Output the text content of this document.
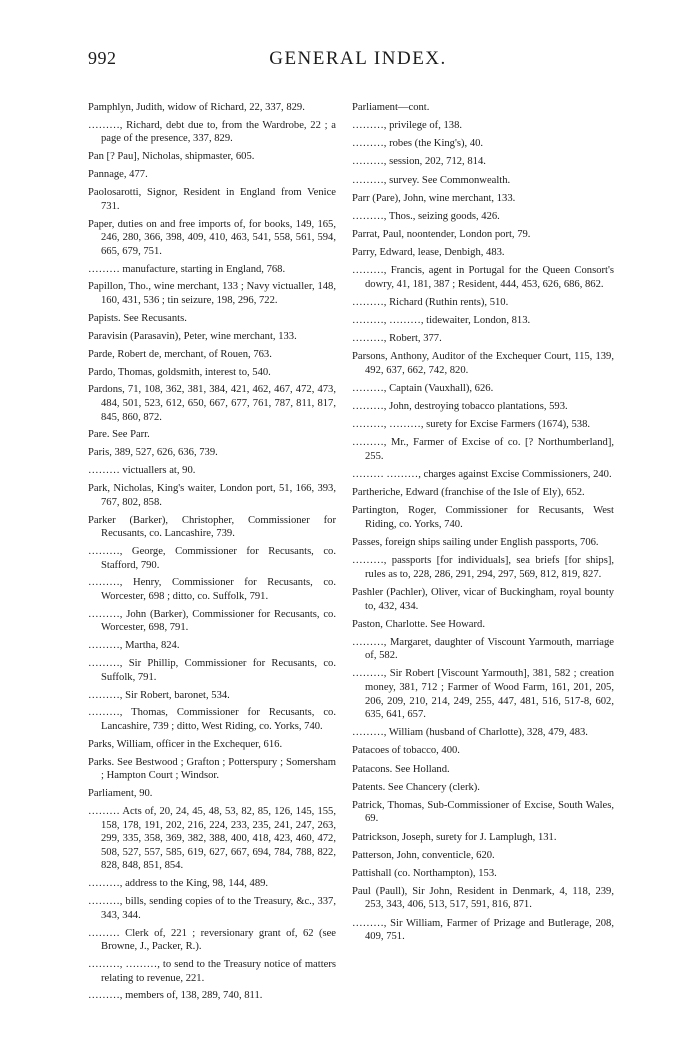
992	GENERAL INDEX.

Pamphlyn, Judith, widow of Richard, 22, 337, 829.

………, Richard, debt due to, from the Wardrobe, 22 ; a page of the presence, 337, 829.

Pan [? Pau], Nicholas, shipmaster, 605.

Pannage, 477.

Paolosarotti, Signor, Resident in England from Venice 731.

Paper, duties on and free imports of, for books, 149, 165, 246, 280, 366, 398, 409, 410, 463, 541, 558, 561, 594, 665, 679, 751.

……… manufacture, starting in England, 768.

Papillon, Tho., wine merchant, 133 ; Navy victualler, 148, 160, 431, 536 ; tin seizure, 198, 296, 722.

Papists. See Recusants.

Paravisin (Parasavin), Peter, wine merchant, 133.

Parde, Robert de, merchant, of Rouen, 763.

Pardo, Thomas, goldsmith, interest to, 540.

Pardons, 71, 108, 362, 381, 384, 421, 462, 467, 472, 473, 484, 501, 523, 612, 650, 667, 677, 761, 787, 811, 817, 845, 860, 872.

Pare. See Parr.

Paris, 389, 527, 626, 636, 739.

……… victuallers at, 90.

Park, Nicholas, King's waiter, London port, 51, 166, 393, 767, 802, 858.

Parker (Barker), Christopher, Commissioner for Recusants, co. Lancashire, 739.

………, George, Commissioner for Recusants, co. Stafford, 790.

………, Henry, Commissioner for Recusants, co. Worcester, 698 ; ditto, co. Suffolk, 791.

………, John (Barker), Commissioner for Recusants, co. Worcester, 698, 791.

………, Martha, 824.

………, Sir Phillip, Commissioner for Recusants, co. Suffolk, 791.

………, Sir Robert, baronet, 534.

………, Thomas, Commissioner for Recusants, co. Lancashire, 739 ; ditto, West Riding, co. Yorks, 740.

Parks, William, officer in the Exchequer, 616.

Parks. See Bestwood ; Grafton ; Potterspury ; Somersham ; Hampton Court ; Windsor.

Parliament, 90.

……… Acts of, 20, 24, 45, 48, 53, 82, 85, 126, 145, 155, 158, 178, 191, 202, 216, 224, 233, 235, 241, 247, 263, 299, 335, 358, 369, 382, 388, 400, 418, 423, 460, 472, 508, 527, 557, 585, 619, 627, 667, 694, 784, 788, 822, 828, 848, 851, 854.

………, address to the King, 98, 144, 489.

………, bills, sending copies of to the Treasury, &c., 337, 343, 344.

……… Clerk of, 221 ; reversionary grant of, 62 (see Browne, J., Packer, R.).

………, ………, to send to the Treasury notice of matters relating to revenue, 221.

………, members of, 138, 289, 740, 811.

Parliament—cont.

………, privilege of, 138.

………, robes (the King's), 40.

………, session, 202, 712, 814.

………, survey. See Commonwealth.

Parr (Pare), John, wine merchant, 133.

………, Thos., seizing goods, 426.

Parrat, Paul, noontender, London port, 79.

Parry, Edward, lease, Denbigh, 483.

………, Francis, agent in Portugal for the Queen Consort's dowry, 41, 181, 387 ; Resident, 444, 453, 626, 686, 862.

………, Richard (Ruthin rents), 510.

………, ………, tidewaiter, London, 813.

………, Robert, 377.

Parsons, Anthony, Auditor of the Exchequer Court, 115, 139, 492, 637, 662, 742, 820.

………, Captain (Vauxhall), 626.

………, John, destroying tobacco plantations, 593.

………, ………, surety for Excise Farmers (1674), 538.

………, Mr., Farmer of Excise of co. [? Northumberland], 255.

……… ………, charges against Excise Commissioners, 240.

Partheriche, Edward (franchise of the Isle of Ely), 652.

Partington, Roger, Commissioner for Recusants, West Riding, co. Yorks, 740.

Passes, foreign ships sailing under English passports, 706.

………, passports [for individuals], sea briefs [for ships], rules as to, 228, 286, 291, 294, 297, 569, 812, 819, 827.

Pashler (Pachler), Oliver, vicar of Buckingham, royal bounty to, 432, 434.

Paston, Charlotte. See Howard.

………, Margaret, daughter of Viscount Yarmouth, marriage of, 582.

………, Sir Robert [Viscount Yarmouth], 381, 582 ; creation money, 381, 712 ; Farmer of Wood Farm, 161, 201, 205, 206, 209, 210, 214, 249, 255, 447, 481, 516, 517-8, 602, 635, 641, 657.

………, William (husband of Charlotte), 328, 479, 483.

Patacoes of tobacco, 400.

Patacons. See Holland.

Patents. See Chancery (clerk).

Patrick, Thomas, Sub-Commissioner of Excise, South Wales, 69.

Patrickson, Joseph, surety for J. Lamplugh, 131.

Patterson, John, conventicle, 620.

Pattishall (co. Northampton), 153.

Paul (Paull), Sir John, Resident in Denmark, 4, 118, 239, 253, 343, 406, 513, 517, 591, 816, 871.

………, Sir William, Farmer of Prizage and Butlerage, 208, 409, 751.
